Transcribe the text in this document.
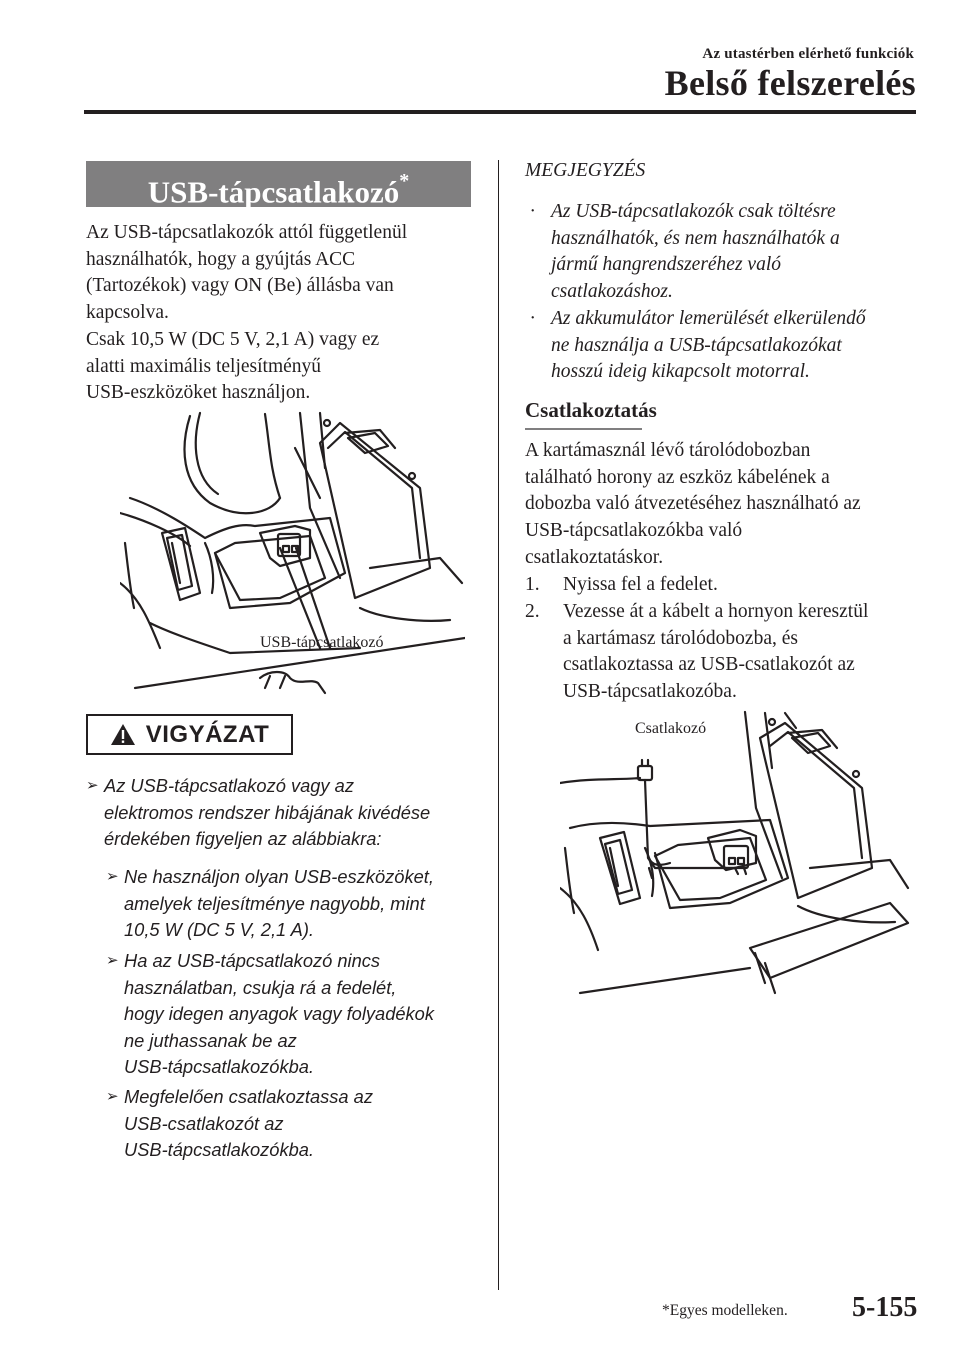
Az utastérben elérhető funkciók
Belső felszerelés
USB-tápcsatlakozó*
Az USB-tápcsatlakozók attól függetlenül
használhatók, hogy a gyújtás ACC
(Tartozékok) vagy ON (Be) állásba van
kapcsolva.
Csak 10,5 W (DC 5 V, 2,1 A) vagy ez
alatti maximális teljesítményű
USB-eszközöket használjon.
USB-tápcsatlakozó
VIGYÁZAT
➢ Az USB-tápcsatlakozó vagy az
elektromos rendszer hibájának kivédése
érdekében figyeljen az alábbiakra:
➢ Ne használjon olyan USB-eszközöket,
amelyek teljesítménye nagyobb, mint
10,5 W (DC 5 V, 2,1 A).
➢ Ha az USB-tápcsatlakozó nincs
használatban, csukja rá a fedelét,
hogy idegen anyagok vagy folyadékok
ne juthassanak be az
USB-tápcsatlakozókba.
➢ Megfelelően csatlakoztassa az
USB-csatlakozót az
USB-tápcsatlakozókba.
MEGJEGYZÉS
· Az USB-tápcsatlakozók csak töltésre
használhatók, és nem használhatók a
jármű hangrendszeréhez való
csatlakozáshoz.
· Az akkumulátor lemerülését elkerülendő
ne használja a USB-tápcsatlakozókat
hosszú ideig kikapcsolt motorral.
Csatlakoztatás
A kartámasznál lévő tárolódobozban
található horony az eszköz kábelének a
dobozba való átvezetéséhez használható az
USB-tápcsatlakozókba való
csatlakoztatáskor.
1. Nyissa fel a fedelet.
2. Vezesse át a kábelt a hornyon keresztül
a kartámasz tárolódobozba, és
csatlakoztassa az USB-csatlakozót az
USB-tápcsatlakozóba.
Csatlakozó
*Egyes modelleken. 5-155
